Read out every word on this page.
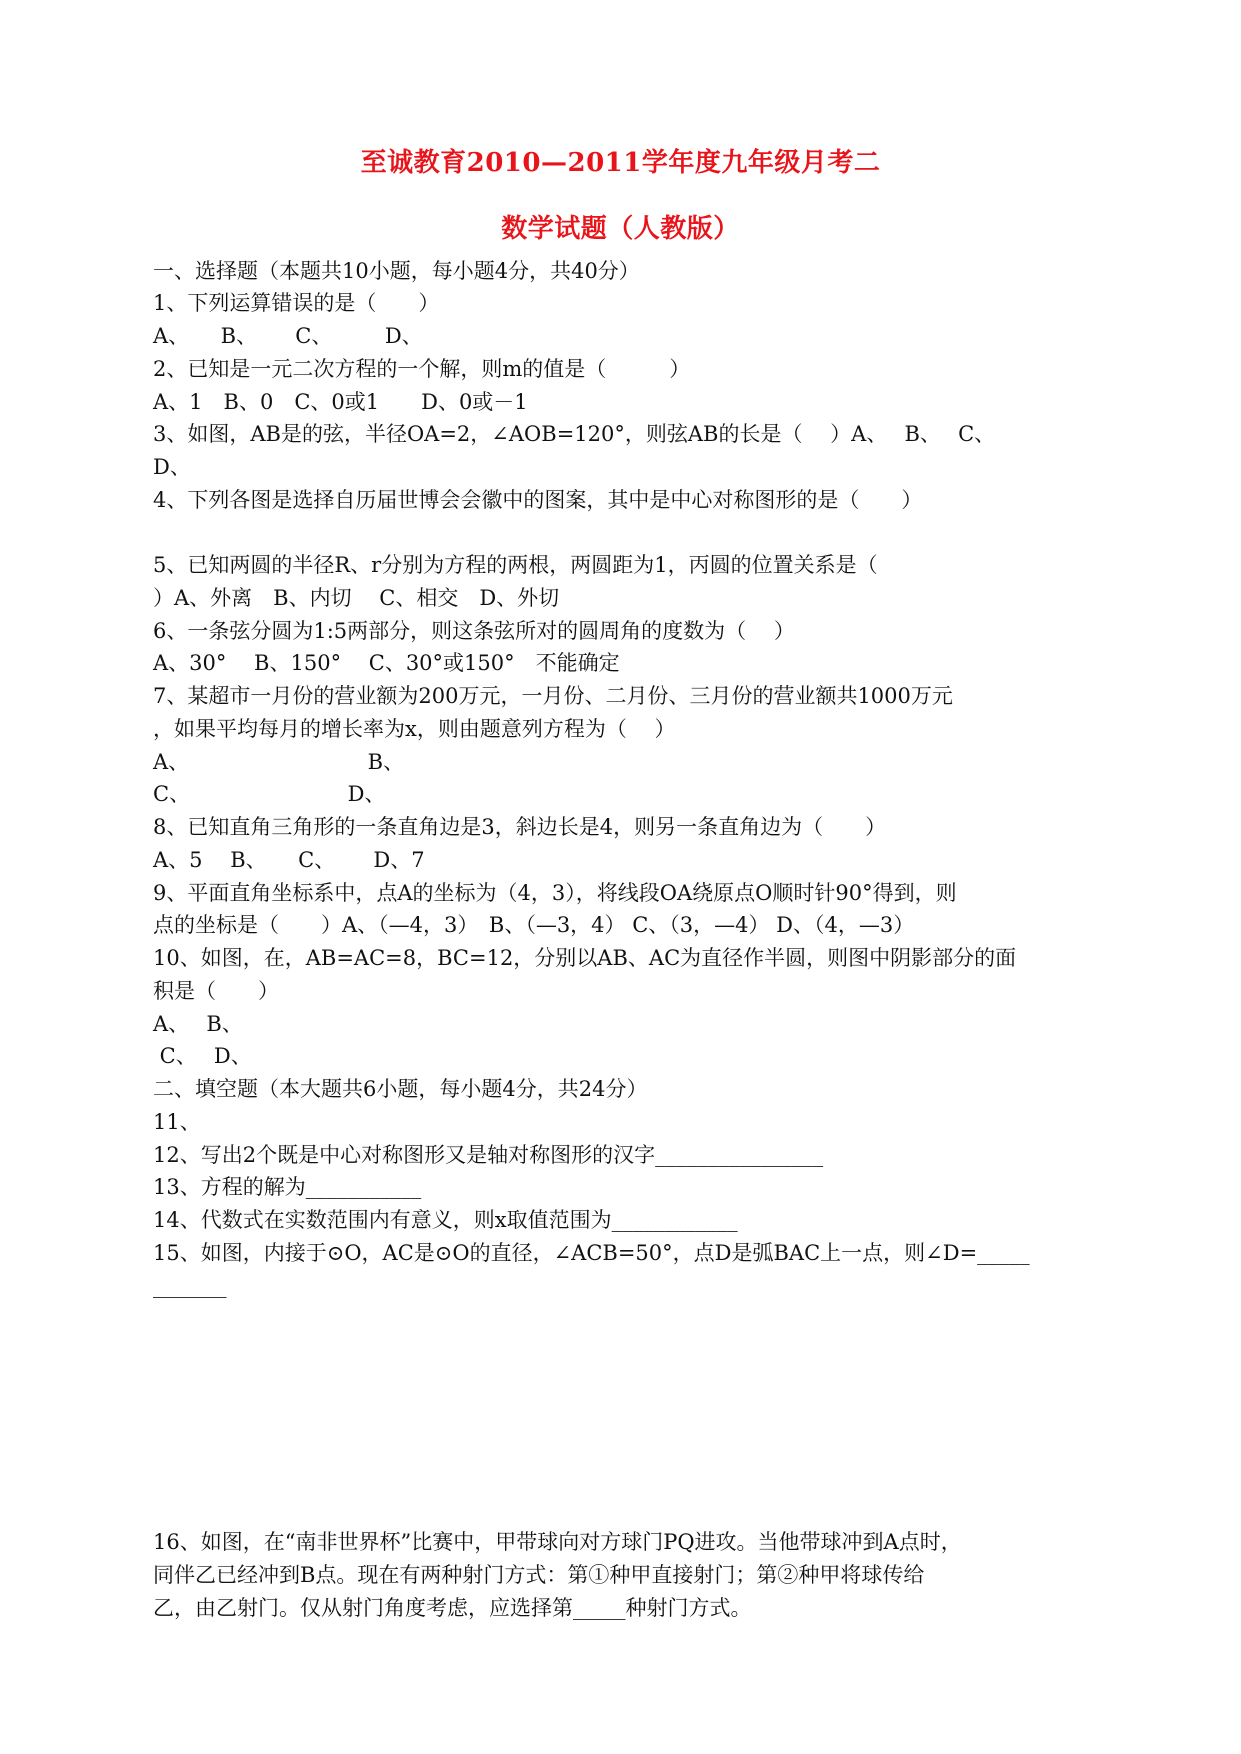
至诚教育2010—2011学年度九年级月考二
数学试题（人教版）
一、选择题（本题共10小题，每小题4分，共40分）
1、下列运算错误的是（　　）
A、　　B、　　 C、　　　D、
2、已知是一元二次方程的一个解，则m的值是（　　　）
A、1　B、0　C、0或1　　D、0或－1
3、如图，AB是的弦，半径OA=2，∠AOB=120°，则弦AB的长是（　 ）A、　 B、　 C、
D、
4、下列各图是选择自历届世博会会徽中的图案，其中是中心对称图形的是（　　）
5、已知两圆的半径R、r分别为方程的两根，两圆距为1，丙圆的位置关系是（
）A、外离　B、内切　 C、相交　D、外切
6、一条弦分圆为1:5两部分，则这条弦所对的圆周角的度数为（　 ）
A、30°　 B、150°　 C、30°或150°　不能确定
7、某超市一月份的营业额为200万元，一月份、二月份、三月份的营业额共1000万元
，如果平均每月的增长率为x，则由题意列方程为（　 ）
A、　　　　　　　　　B、
C、　　　　　　　　D、
8、已知直角三角形的一条直角边是3，斜边长是4，则另一条直角边为（　　）
A、5　 B、　　C、　　 D、7
9、平面直角坐标系中，点A的坐标为（4，3），将线段OA绕原点O顺时针90°得到，则
点的坐标是（　　）A、（—4，3）　B、（—3，4） C、（3，—4） D、（4，—3）
10、如图，在，AB=AC=8，BC=12，分别以AB、AC为直径作半圆，则图中阴影部分的面
积是（　　）
A、　 B、
C、　 D、
二、填空题（本大题共6小题，每小题4分，共24分）
11、
12、写出2个既是中心对称图形又是轴对称图形的汉字________________
13、方程的解为___________
14、代数式在实数范围内有意义，则x取值范围为____________
15、如图，内接于⊙O，AC是⊙O的直径，∠ACB=50°，点D是弧BAC上一点，则∠D=_____
_______
16、如图，在“南非世界杯”比赛中，甲带球向对方球门PQ进攻。当他带球冲到A点时，
同伴乙已经冲到B点。现在有两种射门方式：第①种甲直接射门；第②种甲将球传给
乙，由乙射门。仅从射门角度考虑，应选择第_____种射门方式。
